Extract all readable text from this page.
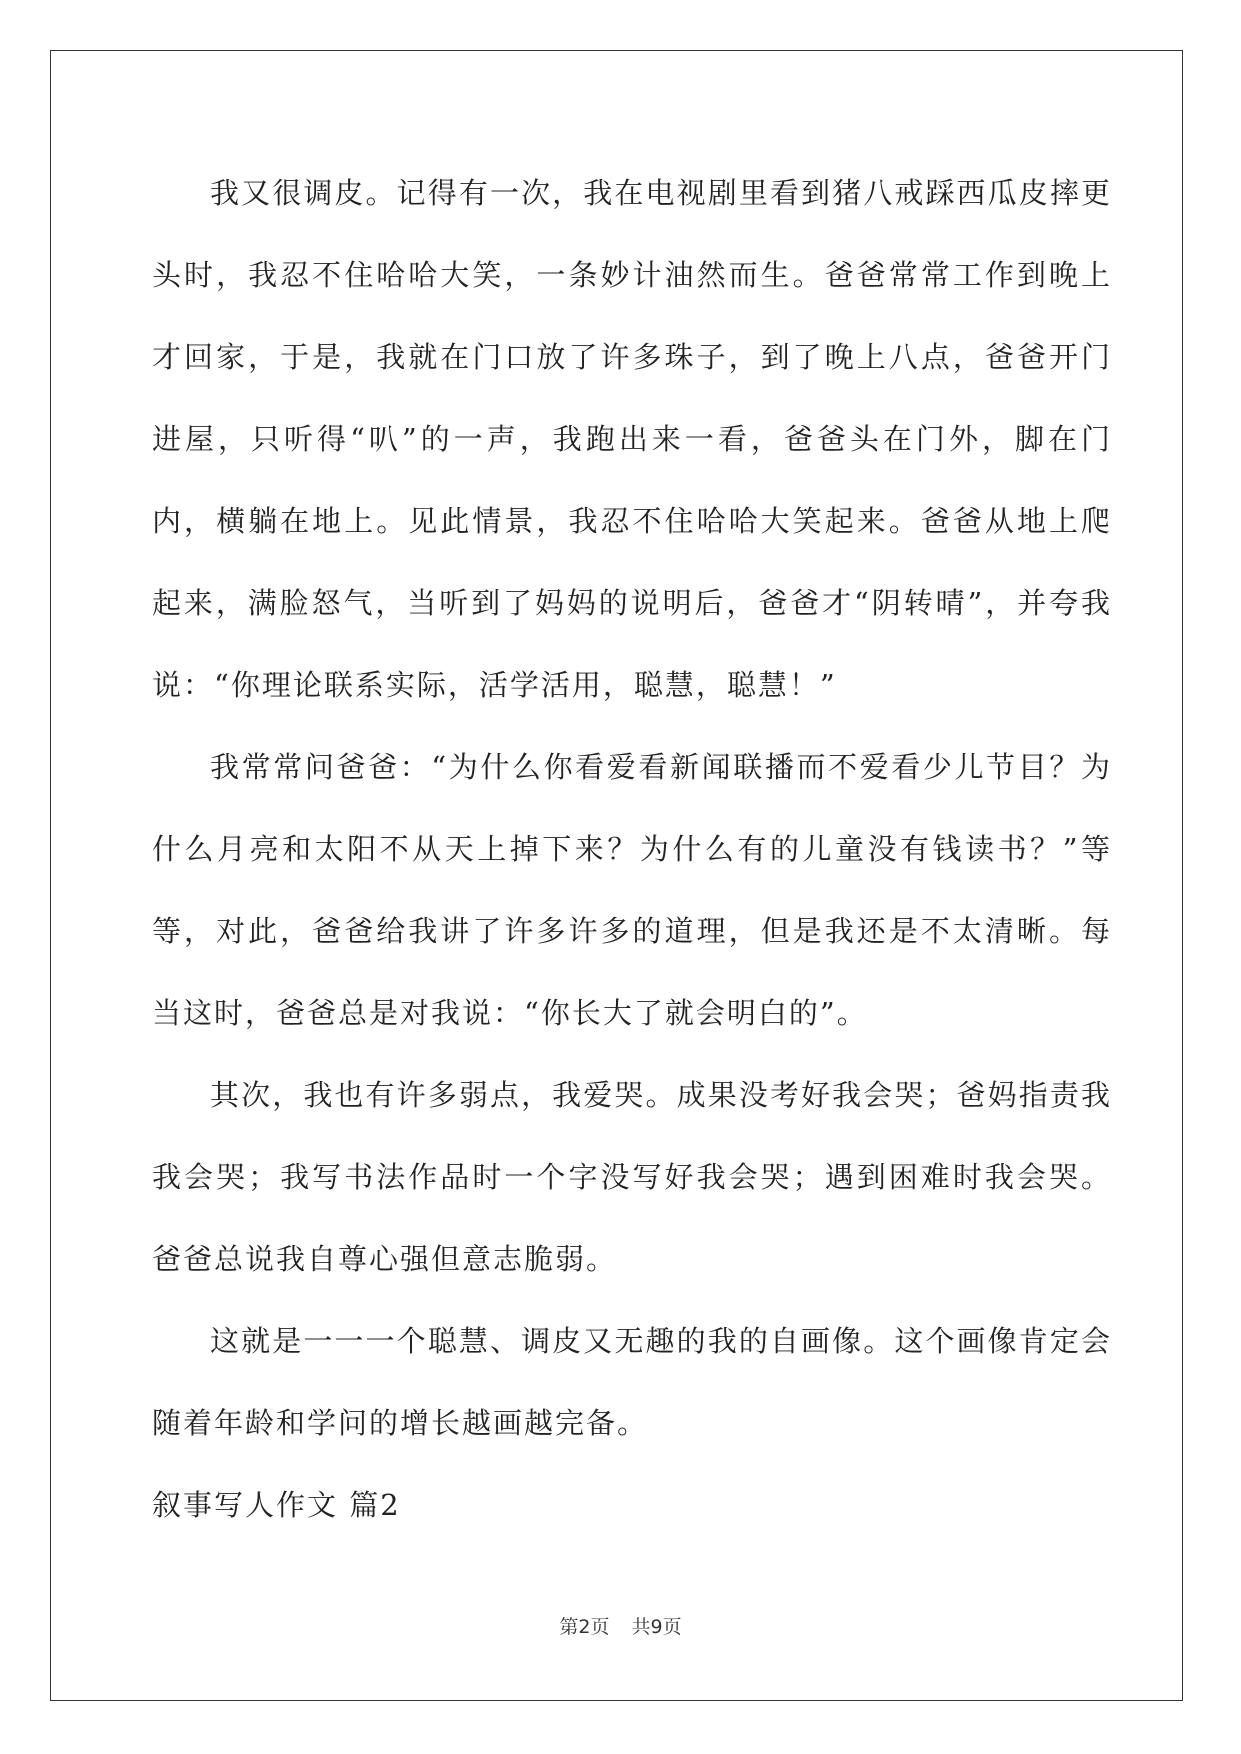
我又很调皮。记得有一次，我在电视剧里看到猪八戒踩西瓜皮摔更头时，我忍不住哈哈大笑，一条妙计油然而生。爸爸常常工作到晚上才回家，于是，我就在门口放了许多珠子，到了晚上八点，爸爸开门进屋，只听得“叭”的一声，我跑出来一看，爸爸头在门外，脚在门内，横躺在地上。见此情景，我忍不住哈哈大笑起来。爸爸从地上爬起来，满脸怒气，当听到了妈妈的说明后，爸爸才“阴转晴”，并夸我说：“你理论联系实际，活学活用，聪慧，聪慧！”

我常常问爸爸：“为什么你看爱看新闻联播而不爱看少儿节目？为什么月亮和太阳不从天上掉下来？为什么有的儿童没有钱读书？”等等，对此，爸爸给我讲了许多许多的道理，但是我还是不太清晰。每当这时，爸爸总是对我说：“你长大了就会明白的”。

其次，我也有许多弱点，我爱哭。成果没考好我会哭；爸妈指责我我会哭；我写书法作品时一个字没写好我会哭；遇到困难时我会哭。爸爸总说我自尊心强但意志脆弱。

这就是一一一个聪慧、调皮又无趣的我的自画像。这个画像肯定会随着年龄和学问的增长越画越完备。

叙事写人作文 篇2

第2页 共9页
